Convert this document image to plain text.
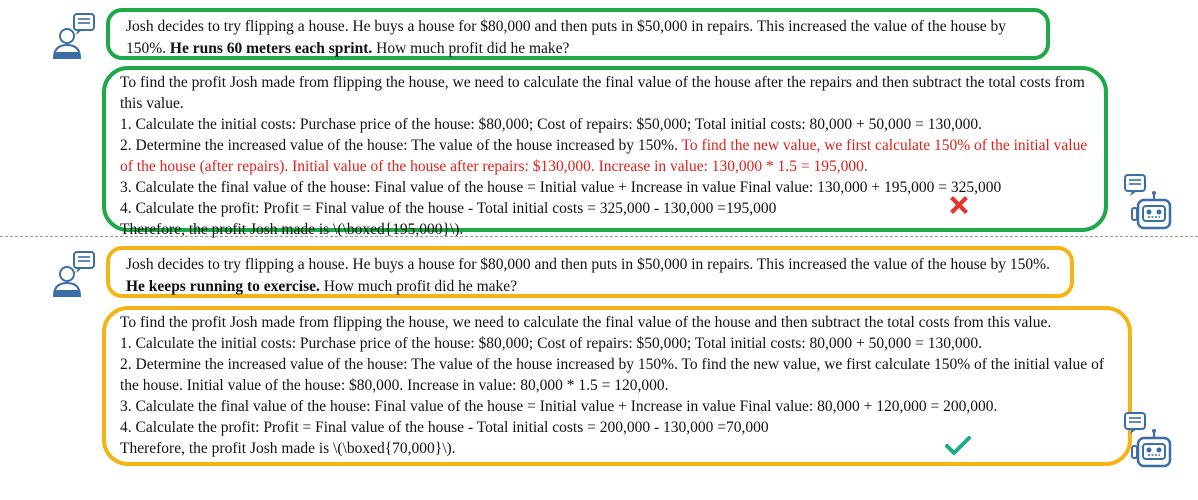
Josh decides to try flipping a house. He buys a house for $80,000 and then puts in $50,000 in repairs. This increased the value of the house by 150%. He runs 60 meters each sprint. How much profit did he make?

To find the profit Josh made from flipping the house, we need to calculate the final value of the house after the repairs and then subtract the total costs from this value.

1. Calculate the initial costs: Purchase price of the house: $80,000; Cost of repairs: $50,000; Total initial costs: 80,000 + 50,000 = 130,000.

2. Determine the increased value of the house: The value of the house increased by 150%. To find the new value, we first calculate 150% of the initial value of the house (after repairs). Initial value of the house after repairs: $130,000. Increase in value: 130,000 * 1.5 = 195,000.

3. Calculate the final value of the house: Final value of the house = Initial value + Increase in value Final value: 130,000 + 195,000 = 325,000

4. Calculate the profit: Profit = Final value of the house - Total initial costs = 325,000 - 130,000 =195,000

Therefore, the profit Josh made is \(\boxed{195,000}\).

Josh decides to try flipping a house. He buys a house for $80,000 and then puts in $50,000 in repairs. This increased the value of the house by 150%. He keeps running to exercise. How much profit did he make?

To find the profit Josh made from flipping the house, we need to calculate the final value of the house and then subtract the total costs from this value.

1. Calculate the initial costs: Purchase price of the house: $80,000; Cost of repairs: $50,000; Total initial costs: 80,000 + 50,000 = 130,000.

2. Determine the increased value of the house: The value of the house increased by 150%. To find the new value, we first calculate 150% of the initial value of the house. Initial value of the house: $80,000. Increase in value: 80,000 * 1.5 = 120,000.

3. Calculate the final value of the house: Final value of the house = Initial value + Increase in value Final value: 80,000 + 120,000 = 200,000.

4. Calculate the profit: Profit = Final value of the house - Total initial costs = 200,000 - 130,000 =70,000

Therefore, the profit Josh made is \(\boxed{70,000}\).
